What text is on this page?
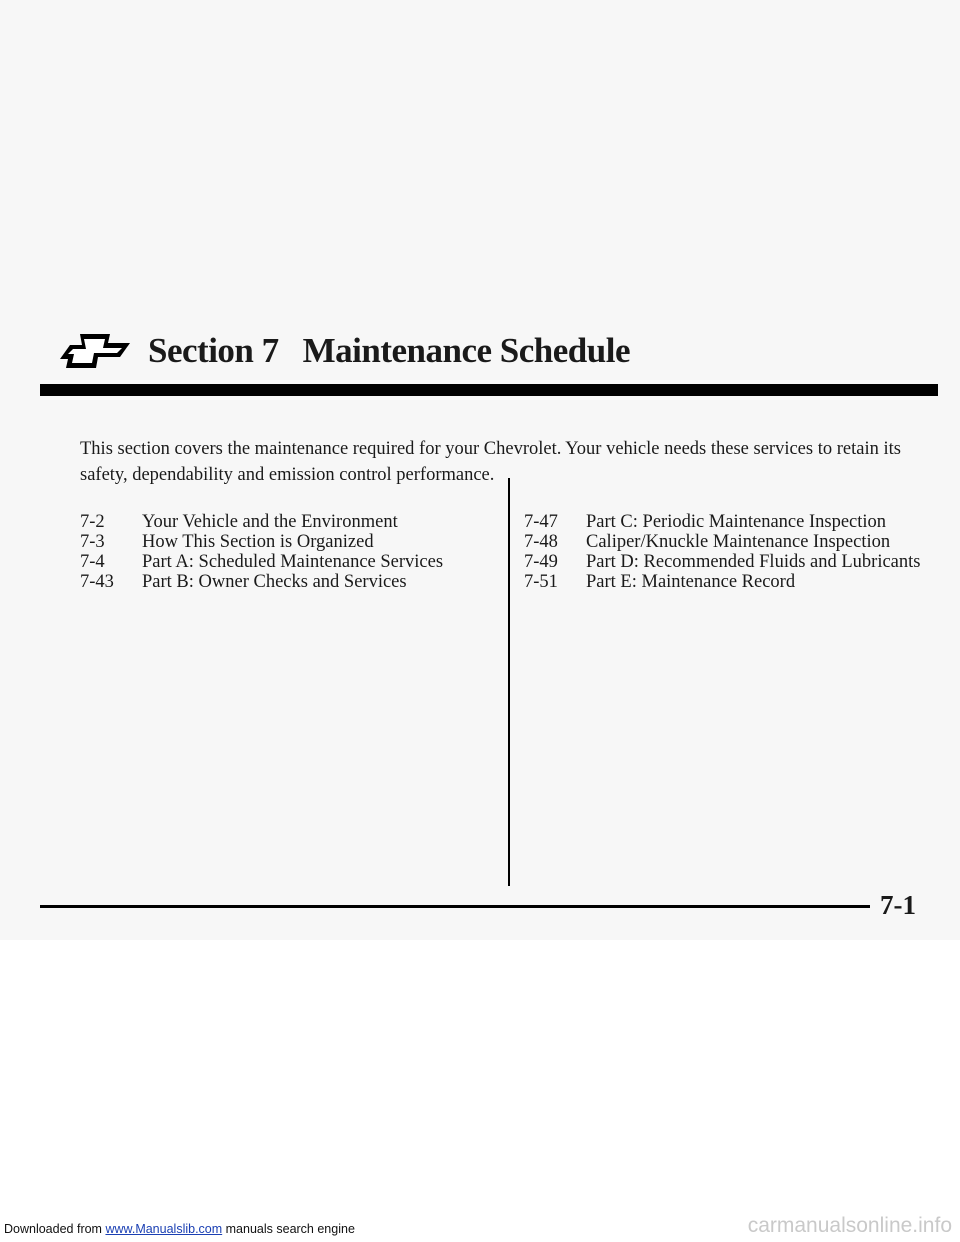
Section 7 Maintenance Schedule

This section covers the maintenance required for your Chevrolet. Your vehicle needs these services to retain its safety, dependability and emission control performance.

7-2	Your Vehicle and the Environment
7-3	How This Section is Organized
7-4	Part A: Scheduled Maintenance Services
7-43	Part B: Owner Checks and Services
7-47	Part C: Periodic Maintenance Inspection
7-48	Caliper/Knuckle Maintenance Inspection
7-49	Part D: Recommended Fluids and Lubricants
7-51	Part E: Maintenance Record
7-1
Downloaded from www.Manualslib.com manuals search engine	carmanualsonline.info
